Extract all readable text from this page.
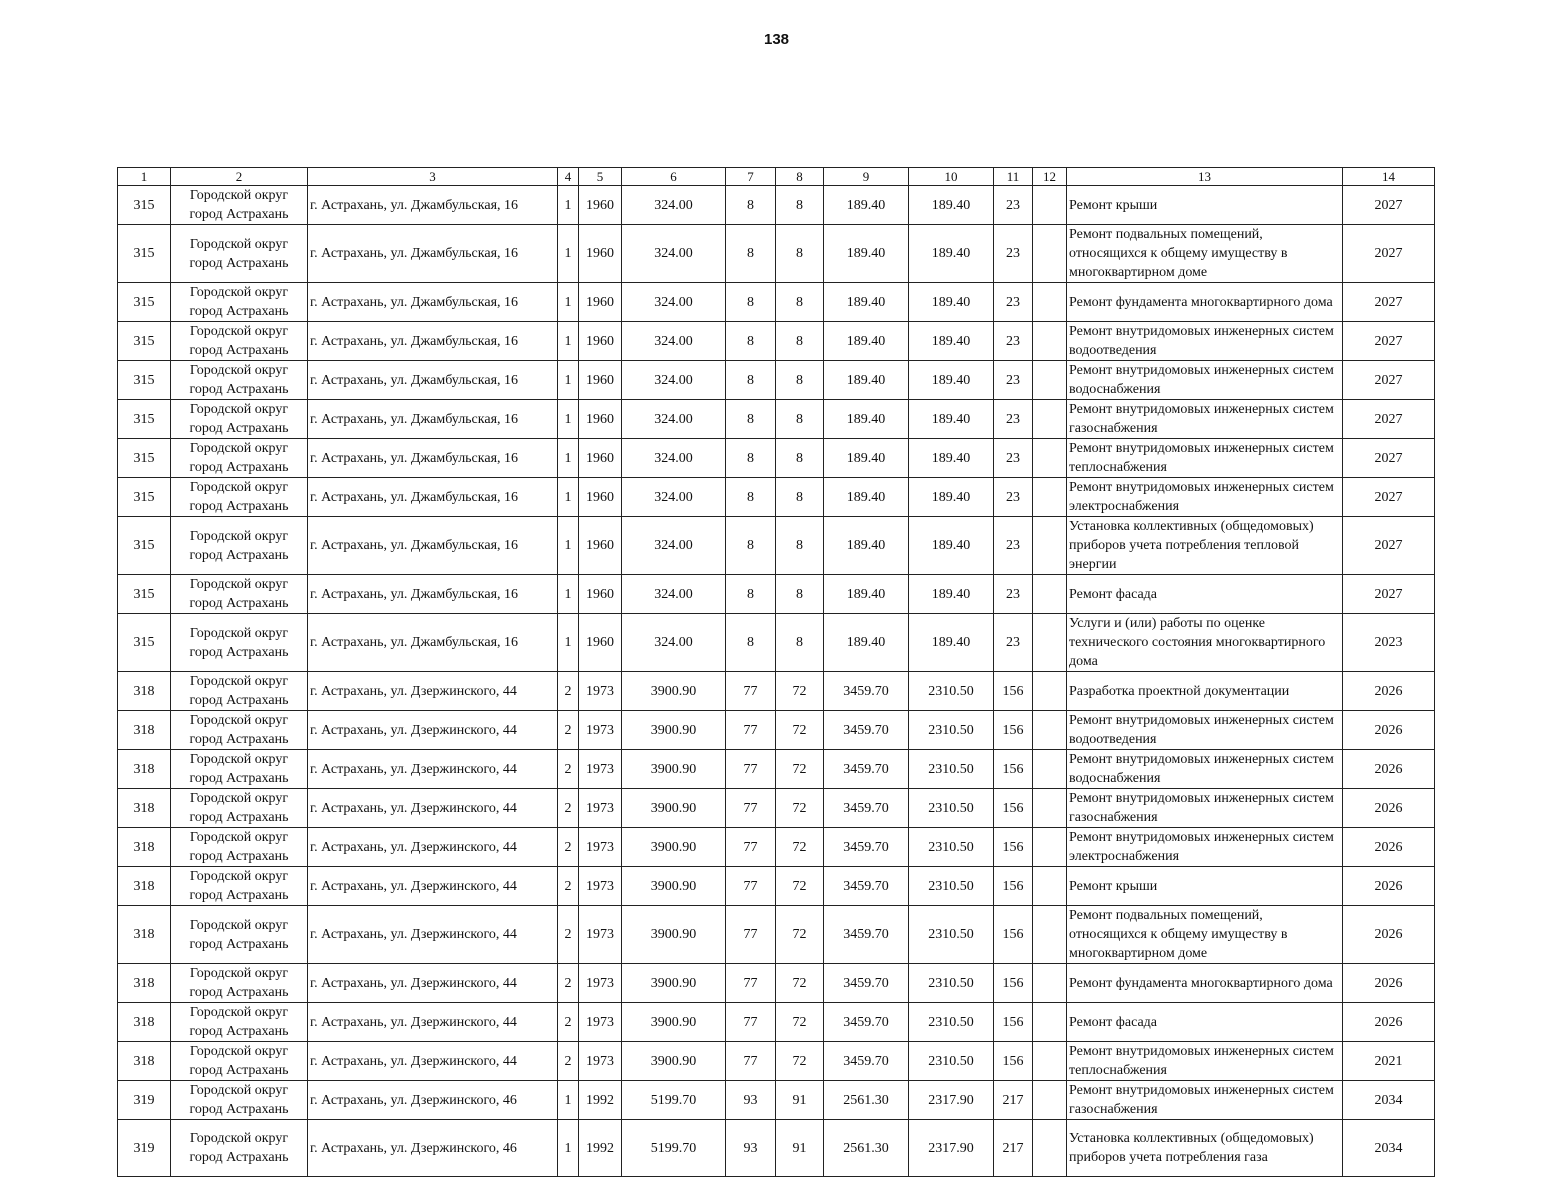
138
1	2	3	4	5	6	7	8	9	10	11	12	13	14
315	Городской округ город Астрахань	г. Астрахань, ул. Джамбульская, 16	1	1960	324.00	8	8	189.40	189.40	23		Ремонт крыши	2027
315	Городской округ город Астрахань	г. Астрахань, ул. Джамбульская, 16	1	1960	324.00	8	8	189.40	189.40	23		Ремонт подвальных помещений, относящихся к общему имуществу в многоквартирном доме	2027
315	Городской округ город Астрахань	г. Астрахань, ул. Джамбульская, 16	1	1960	324.00	8	8	189.40	189.40	23		Ремонт фундамента многоквартирного дома	2027
315	Городской округ город Астрахань	г. Астрахань, ул. Джамбульская, 16	1	1960	324.00	8	8	189.40	189.40	23		Ремонт внутридомовых инженерных систем водоотведения	2027
315	Городской округ город Астрахань	г. Астрахань, ул. Джамбульская, 16	1	1960	324.00	8	8	189.40	189.40	23		Ремонт внутридомовых инженерных систем водоснабжения	2027
315	Городской округ город Астрахань	г. Астрахань, ул. Джамбульская, 16	1	1960	324.00	8	8	189.40	189.40	23		Ремонт внутридомовых инженерных систем газоснабжения	2027
315	Городской округ город Астрахань	г. Астрахань, ул. Джамбульская, 16	1	1960	324.00	8	8	189.40	189.40	23		Ремонт внутридомовых инженерных систем теплоснабжения	2027
315	Городской округ город Астрахань	г. Астрахань, ул. Джамбульская, 16	1	1960	324.00	8	8	189.40	189.40	23		Ремонт внутридомовых инженерных систем электроснабжения	2027
315	Городской округ город Астрахань	г. Астрахань, ул. Джамбульская, 16	1	1960	324.00	8	8	189.40	189.40	23		Установка коллективных (общедомовых) приборов учета потребления тепловой энергии	2027
315	Городской округ город Астрахань	г. Астрахань, ул. Джамбульская, 16	1	1960	324.00	8	8	189.40	189.40	23		Ремонт фасада	2027
315	Городской округ город Астрахань	г. Астрахань, ул. Джамбульская, 16	1	1960	324.00	8	8	189.40	189.40	23		Услуги и (или) работы по оценке технического состояния многоквартирного дома	2023
318	Городской округ город Астрахань	г. Астрахань, ул. Дзержинского, 44	2	1973	3900.90	77	72	3459.70	2310.50	156		Разработка проектной документации	2026
318	Городской округ город Астрахань	г. Астрахань, ул. Дзержинского, 44	2	1973	3900.90	77	72	3459.70	2310.50	156		Ремонт внутридомовых инженерных систем водоотведения	2026
318	Городской округ город Астрахань	г. Астрахань, ул. Дзержинского, 44	2	1973	3900.90	77	72	3459.70	2310.50	156		Ремонт внутридомовых инженерных систем водоснабжения	2026
318	Городской округ город Астрахань	г. Астрахань, ул. Дзержинского, 44	2	1973	3900.90	77	72	3459.70	2310.50	156		Ремонт внутридомовых инженерных систем газоснабжения	2026
318	Городской округ город Астрахань	г. Астрахань, ул. Дзержинского, 44	2	1973	3900.90	77	72	3459.70	2310.50	156		Ремонт внутридомовых инженерных систем электроснабжения	2026
318	Городской округ город Астрахань	г. Астрахань, ул. Дзержинского, 44	2	1973	3900.90	77	72	3459.70	2310.50	156		Ремонт крыши	2026
318	Городской округ город Астрахань	г. Астрахань, ул. Дзержинского, 44	2	1973	3900.90	77	72	3459.70	2310.50	156		Ремонт подвальных помещений, относящихся к общему имуществу в многоквартирном доме	2026
318	Городской округ город Астрахань	г. Астрахань, ул. Дзержинского, 44	2	1973	3900.90	77	72	3459.70	2310.50	156		Ремонт фундамента многоквартирного дома	2026
318	Городской округ город Астрахань	г. Астрахань, ул. Дзержинского, 44	2	1973	3900.90	77	72	3459.70	2310.50	156		Ремонт фасада	2026
318	Городской округ город Астрахань	г. Астрахань, ул. Дзержинского, 44	2	1973	3900.90	77	72	3459.70	2310.50	156		Ремонт внутридомовых инженерных систем теплоснабжения	2021
319	Городской округ город Астрахань	г. Астрахань, ул. Дзержинского, 46	1	1992	5199.70	93	91	2561.30	2317.90	217		Ремонт внутридомовых инженерных систем газоснабжения	2034
319	Городской округ город Астрахань	г. Астрахань, ул. Дзержинского, 46	1	1992	5199.70	93	91	2561.30	2317.90	217		Установка коллективных (общедомовых) приборов учета потребления газа	2034
